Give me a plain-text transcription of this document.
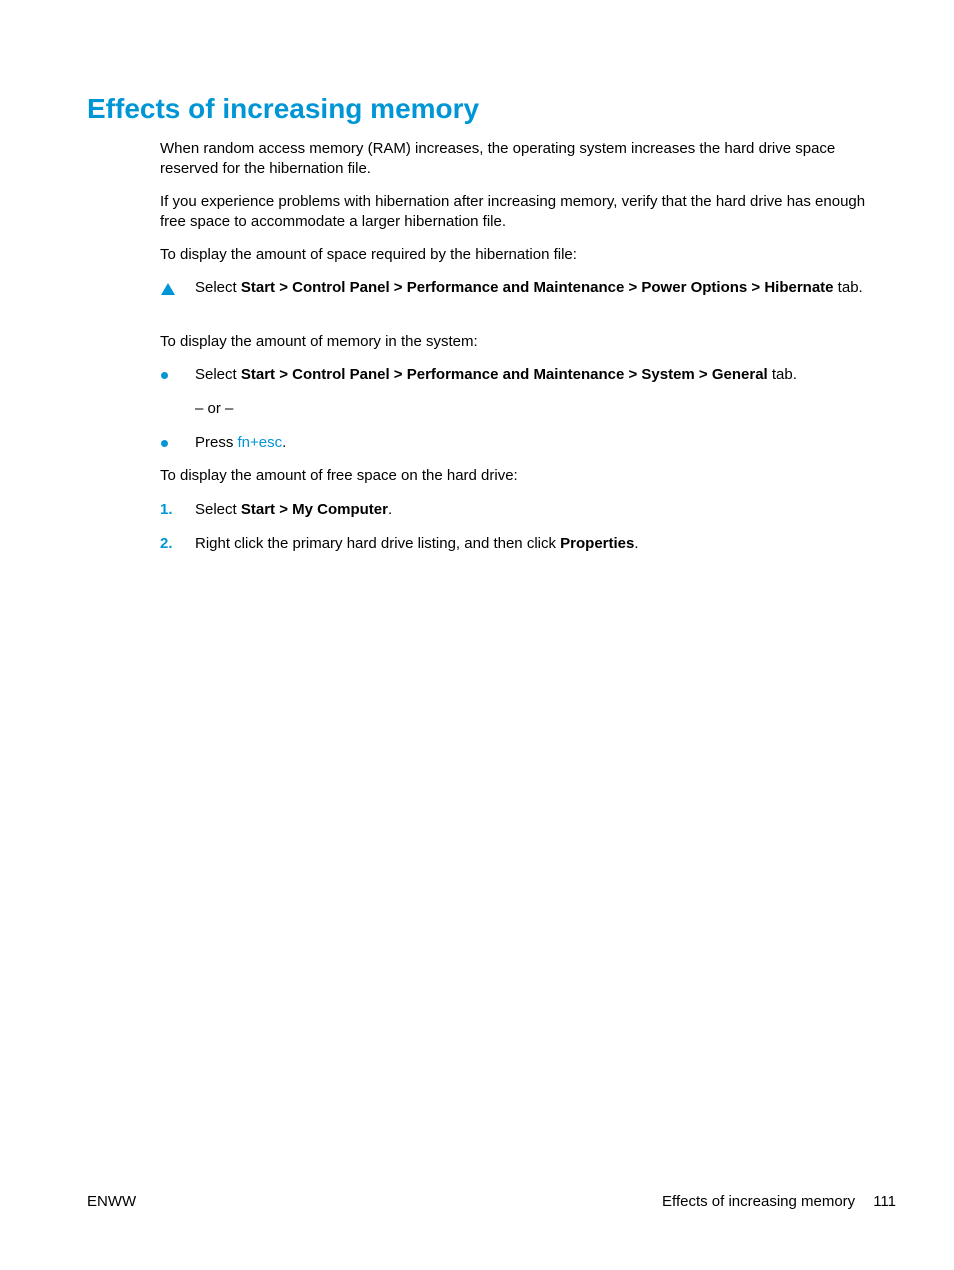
Effects of increasing memory

When random access memory (RAM) increases, the operating system increases the hard drive space reserved for the hibernation file.

If you experience problems with hibernation after increasing memory, verify that the hard drive has enough free space to accommodate a larger hibernation file.

To display the amount of space required by the hibernation file:

Select Start > Control Panel > Performance and Maintenance > Power Options > Hibernate tab.

To display the amount of memory in the system:

Select Start > Control Panel > Performance and Maintenance > System > General tab.
– or –
Press fn+esc.

To display the amount of free space on the hard drive:

1.	Select Start > My Computer.
2.	Right click the primary hard drive listing, and then click Properties.
ENWW	Effects of increasing memory 111
